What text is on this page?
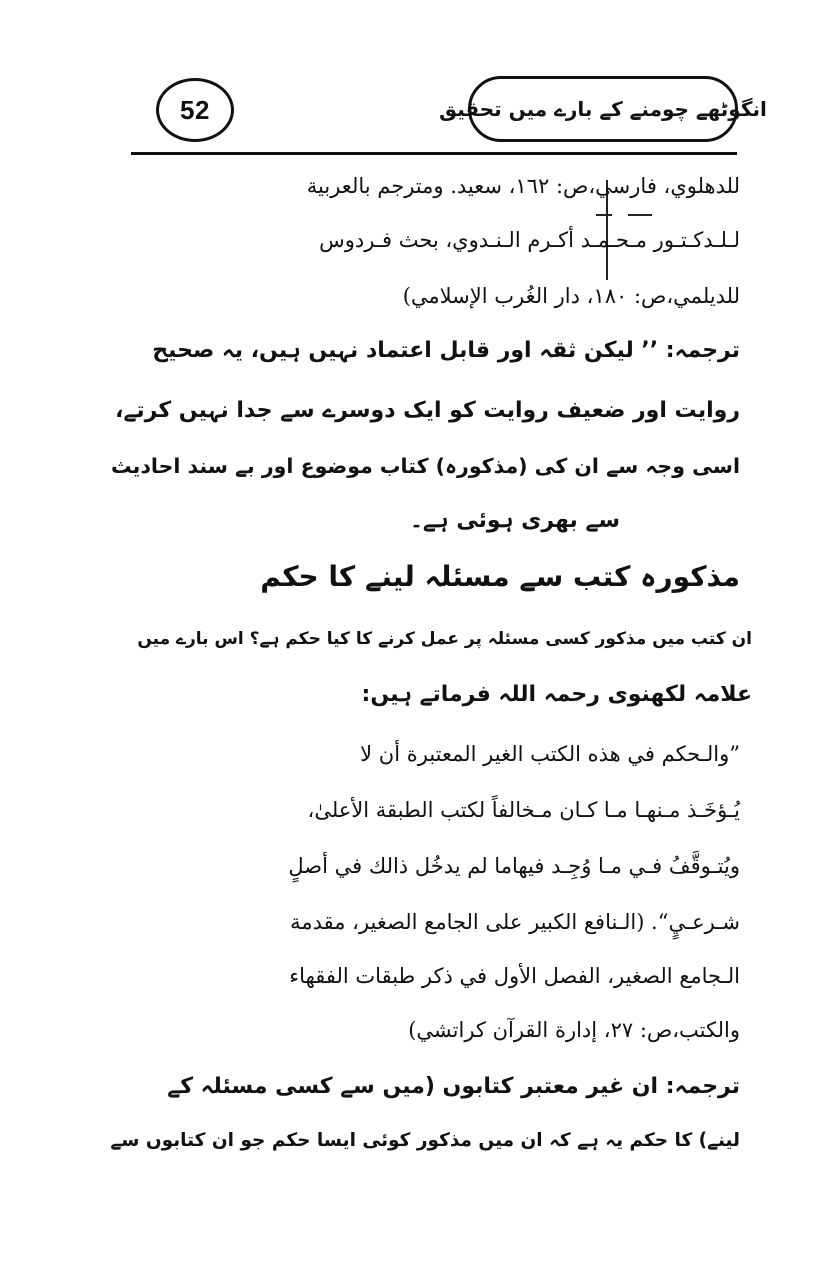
52	انگوٹھے چومنے کے بارے میں تحقیق
للدهلوي، فارسي،ص: ١٦٢، سعيد. ومترجم بالعربية
لـلـدكـتـور مـحـمـد أكـرم الـنـدوي، بحث فـردوس
للديلمي،ص: ١٨٠، دار الغُرب الإسلامي)
ترجمہ: ’’ لیکن ثقہ اور قابل اعتماد نہیں ہیں، یہ صحیح
روایت اور ضعیف روایت کو ایک دوسرے سے جدا نہیں کرتے،
اسی وجہ سے ان کی (مذکورہ) کتاب موضوع اور بے سند احادیث
سے بھری ہوئی ہے۔
مذکورہ کتب سے مسئلہ لینے کا حکم
ان کتب میں مذکور کسی مسئلہ پر عمل کرنے کا کیا حکم ہے؟ اس بارے میں
علامہ لکھنوی رحمہ اللہ فرماتے ہیں:
”والـحكم في هذه الكتب الغير المعتبرة أن لا
يُـؤخَـذ مـنهـا مـا كـان مـخالفاً لكتب الطبقة الأعلىٰ،
ويُتـوقَّفُ فـي مـا وُجِـد فيهاما لم يدخُل ذالك في أصلٍ
شـرعـيٍ“. (الـنافع الكبير على الجامع الصغير، مقدمة
الـجامع الصغير، الفصل الأول في ذكر طبقات الفقهاء
والكتب،ص: ٢٧، إدارة القرآن كراتشي)
ترجمہ: ان غیر معتبر کتابوں (میں سے کسی مسئلہ کے
لینے) کا حکم یہ ہے کہ ان میں مذکور کوئی ایسا حکم جو ان کتابوں سے
